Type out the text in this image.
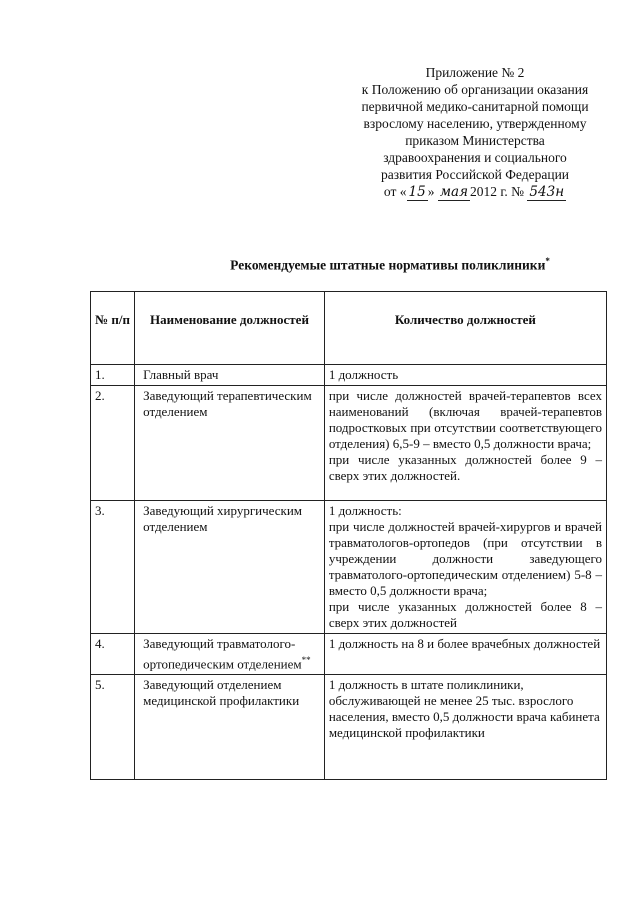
Приложение № 2
к Положению об организации оказания
первичной медико-санитарной помощи
взрослому населению, утвержденному
приказом Министерства
здравоохранения и социального
развития Российской Федерации
от « 15 » мая 2012 г. № 543н
Рекомендуемые штатные нормативы поликлиники*
№ п/п	Наименование должностей	Количество должностей
1.	Главный врач	1 должность

2.	Заведующий терапевтическим отделением	при числе должностей врачей-терапевтов всех наименований (включая врачей-терапевтов подростковых при отсутствии соответствующего отделения) 6,5-9 – вместо 0,5 должности врача;
при числе указанных должностей более 9 – сверх этих должностей.

3.	Заведующий хирургическим отделением	1 должность:
при числе должностей врачей-хирургов и врачей травматологов-ортопедов (при отсутствии в учреждении должности заведующего травматолого-ортопедическим отделением) 5-8 – вместо 0,5 должности врача;
при числе указанных должностей более 8 – сверх этих должностей

4.	Заведующий травматолого-ортопедическим отделением**	1 должность на 8 и более врачебных должностей

5.	Заведующий отделением медицинской профилактики	1 должность в штате поликлиники, обслуживающей не менее 25 тыс. взрослого населения, вместо 0,5 должности врача кабинета медицинской профилактики
